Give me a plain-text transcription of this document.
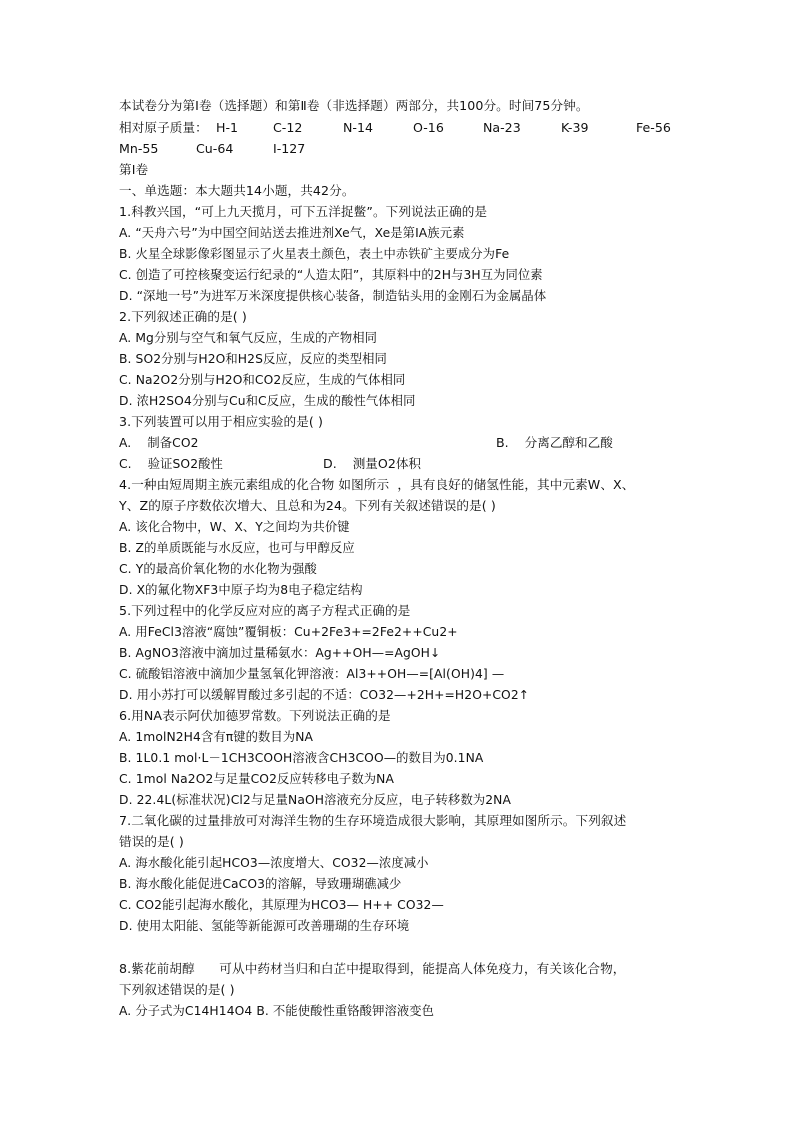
本试卷分为第Ⅰ卷（选择题）和第Ⅱ卷（非选择题）两部分，共100分。时间75分钟。
相对原子质量： H-1	C-12	N-14	O-16	Na-23	K-39	Fe-56
Mn-55	Cu-64	I-127
第Ⅰ卷
一、单选题：本大题共14小题，共42分。
1.科教兴国，“可上九天揽月，可下五洋捉鳖”。下列说法正确的是
A. “天舟六号”为中国空间站送去推进剂Xe气，Xe是第ⅠA族元素
B. 火星全球影像彩图显示了火星表土颜色，表土中赤铁矿主要成分为Fe
C. 创造了可控核聚变运行纪录的“人造太阳”，其原料中的2H与3H互为同位素
D. “深地一号”为进军万米深度提供核心装备，制造钻头用的金刚石为金属晶体
2.下列叙述正确的是( )
A. Mg分别与空气和氧气反应，生成的产物相同
B. SO2分别与H2O和H2S反应，反应的类型相同
C. Na2O2分别与H2O和CO2反应，生成的气体相同
D. 浓H2SO4分别与Cu和C反应，生成的酸性气体相同
3.下列装置可以用于相应实验的是( )
A.    制备CO2	B.    分离乙醇和乙酸
C.    验证SO2酸性	D.    测量O2体积
4.一种由短周期主族元素组成的化合物 如图所示  ，具有良好的储氢性能，其中元素W、X、
Y、Z的原子序数依次增大、且总和为24。下列有关叙述错误的是( )
A. 该化合物中，W、X、Y之间均为共价键
B. Z的单质既能与水反应，也可与甲醇反应
C. Y的最高价氧化物的水化物为强酸
D. X的氟化物XF3中原子均为8电子稳定结构
5.下列过程中的化学反应对应的离子方程式正确的是
A. 用FeCl3溶液“腐蚀”覆铜板：Cu+2Fe3+=2Fe2++Cu2+
B. AgNO3溶液中滴加过量稀氨水：Ag++OH—=AgOH↓
C. 硫酸铝溶液中滴加少量氢氧化钾溶液：Al3++OH—=[Al(OH)4] —
D. 用小苏打可以缓解胃酸过多引起的不适：CO32—+2H+=H2O+CO2↑
6.用NA表示阿伏加德罗常数。下列说法正确的是
A. 1molN2H4含有π键的数目为NA
B. 1L0.1 mol·L－1CH3COOH溶液含CH3COO—的数目为0.1NA
C. 1mol Na2O2与足量CO2反应转移电子数为NA
D. 22.4L(标准状况)Cl2与足量NaOH溶液充分反应，电子转移数为2NA
7.二氧化碳的过量排放可对海洋生物的生存环境造成很大影响，其原理如图所示。下列叙述
错误的是( )
A. 海水酸化能引起HCO3—浓度增大、CO32—浓度减小
B. 海水酸化能促进CaCO3的溶解，导致珊瑚礁减少
C. CO2能引起海水酸化，其原理为HCO3— H++ CO32—
D. 使用太阳能、氢能等新能源可改善珊瑚的生存环境
8.紫花前胡醇      可从中药材当归和白芷中提取得到，能提高人体免疫力，有关该化合物，
下列叙述错误的是( )
A. 分子式为C14H14O4 B. 不能使酸性重铬酸钾溶液变色
